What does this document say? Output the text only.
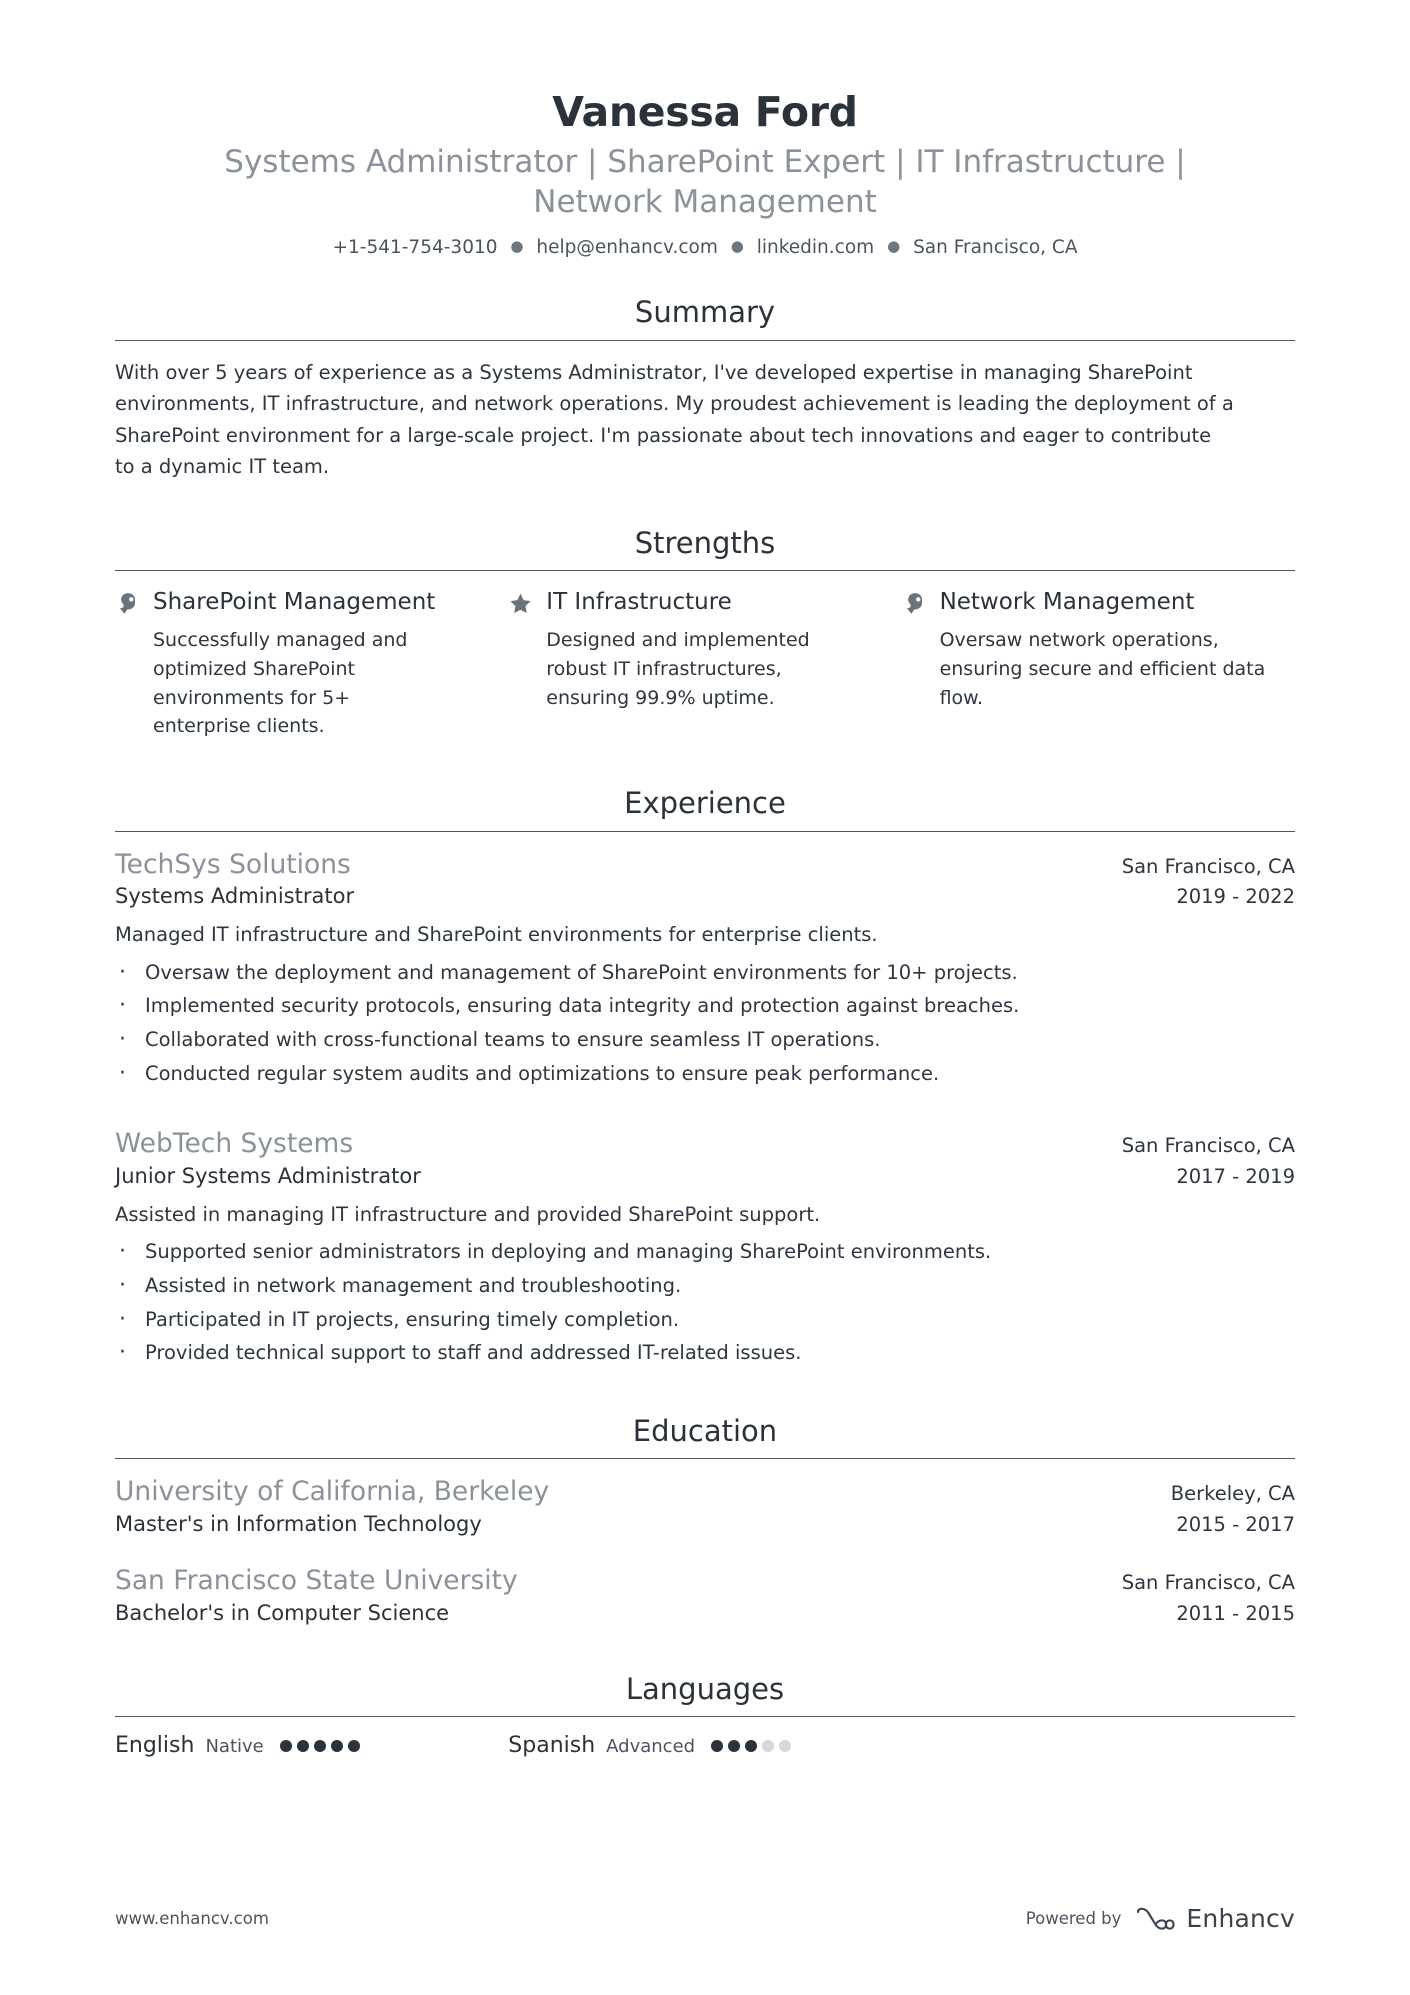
Vanessa Ford
Systems Administrator | SharePoint Expert | IT Infrastructure | Network Management
+1-541-754-3010 ● help@enhancv.com ● linkedin.com ● San Francisco, CA
Summary
With over 5 years of experience as a Systems Administrator, I've developed expertise in managing SharePoint environments, IT infrastructure, and network operations. My proudest achievement is leading the deployment of a SharePoint environment for a large-scale project. I'm passionate about tech innovations and eager to contribute to a dynamic IT team.
Strengths
SharePoint Management
Successfully managed and optimized SharePoint environments for 5+ enterprise clients.
IT Infrastructure
Designed and implemented robust IT infrastructures, ensuring 99.9% uptime.
Network Management
Oversaw network operations, ensuring secure and efficient data flow.
Experience
TechSys Solutions	San Francisco, CA
Systems Administrator	2019 - 2022
Managed IT infrastructure and SharePoint environments for enterprise clients.
· Oversaw the deployment and management of SharePoint environments for 10+ projects.
· Implemented security protocols, ensuring data integrity and protection against breaches.
· Collaborated with cross-functional teams to ensure seamless IT operations.
· Conducted regular system audits and optimizations to ensure peak performance.
WebTech Systems	San Francisco, CA
Junior Systems Administrator	2017 - 2019
Assisted in managing IT infrastructure and provided SharePoint support.
· Supported senior administrators in deploying and managing SharePoint environments.
· Assisted in network management and troubleshooting.
· Participated in IT projects, ensuring timely completion.
· Provided technical support to staff and addressed IT-related issues.
Education
University of California, Berkeley	Berkeley, CA
Master's in Information Technology	2015 - 2017
San Francisco State University	San Francisco, CA
Bachelor's in Computer Science	2011 - 2015
Languages
English Native	Spanish Advanced
www.enhancv.com	Powered by	Enhancv
